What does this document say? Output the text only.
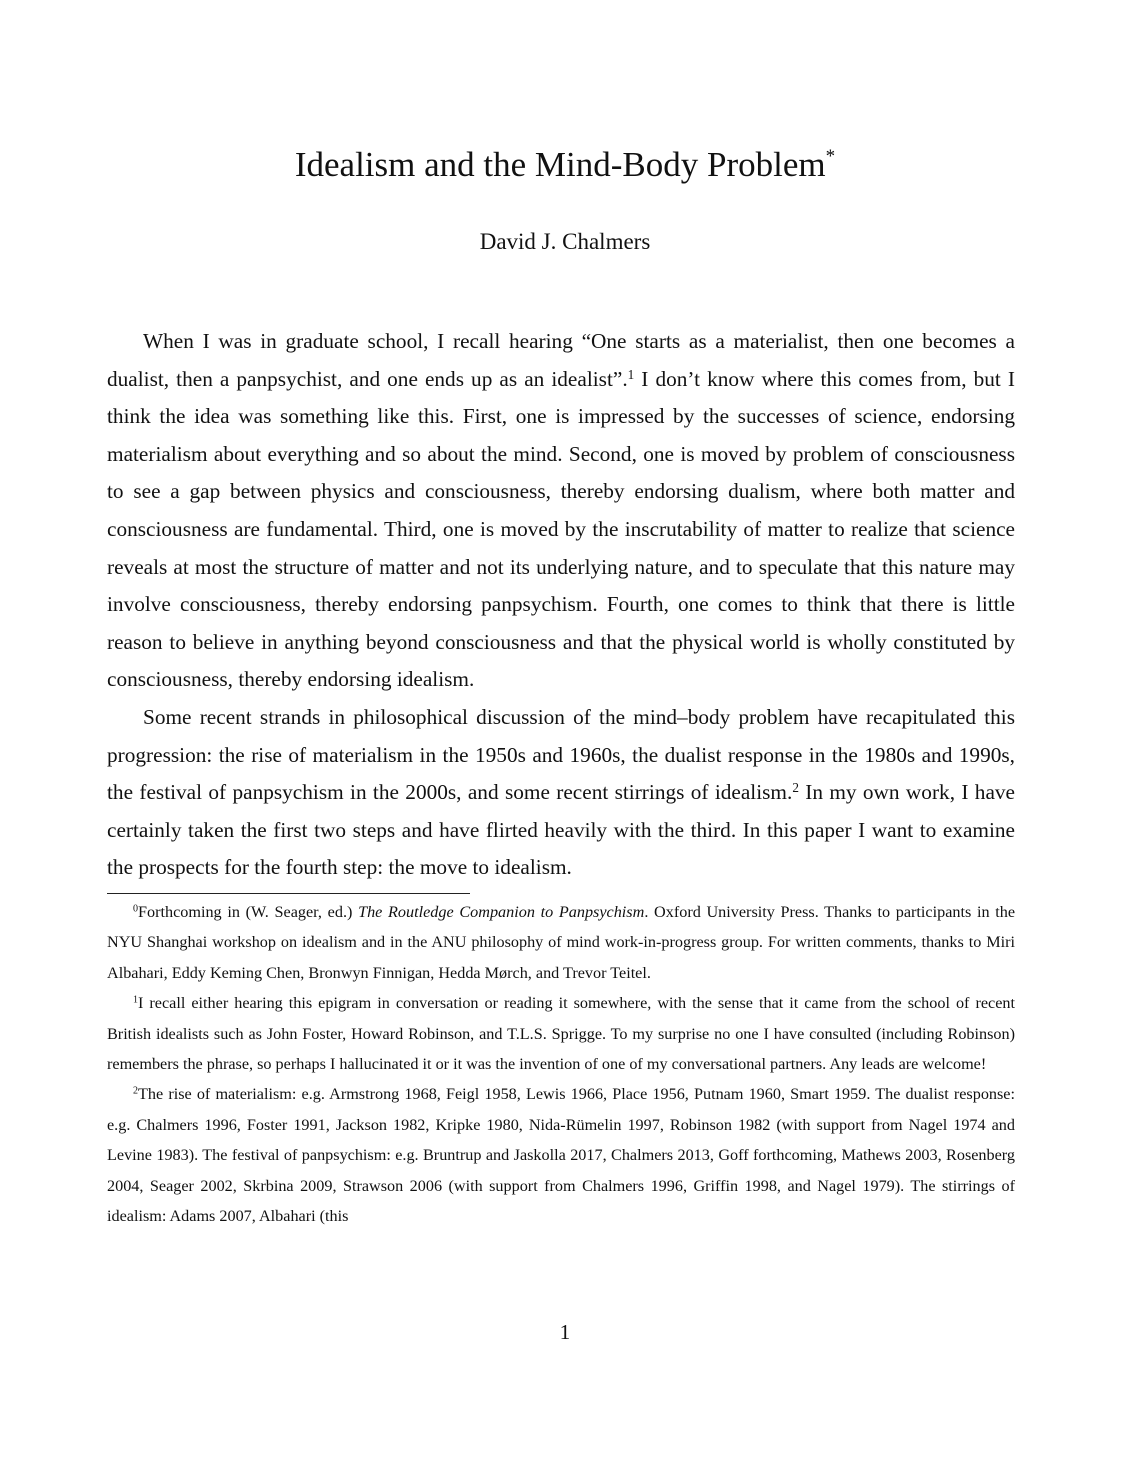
Idealism and the Mind-Body Problem*
David J. Chalmers

When I was in graduate school, I recall hearing “One starts as a materialist, then one becomes a dualist, then a panpsychist, and one ends up as an idealist”.$^1$ I don’t know where this comes from, but I think the idea was something like this. First, one is impressed by the successes of science, endorsing materialism about everything and so about the mind. Second, one is moved by problem of consciousness to see a gap between physics and consciousness, thereby endorsing dualism, where both matter and consciousness are fundamental. Third, one is moved by the inscrutability of matter to realize that science reveals at most the structure of matter and not its underlying nature, and to speculate that this nature may involve consciousness, thereby endorsing panpsychism. Fourth, one comes to think that there is little reason to believe in anything beyond consciousness and that the physical world is wholly constituted by consciousness, thereby endorsing idealism.

Some recent strands in philosophical discussion of the mind–body problem have recapitulated this progression: the rise of materialism in the 1950s and 1960s, the dualist response in the 1980s and 1990s, the festival of panpsychism in the 2000s, and some recent stirrings of idealism.$^2$ In my own work, I have certainly taken the first two steps and have flirted heavily with the third. In this paper I want to examine the prospects for the fourth step: the move to idealism.

$^0$Forthcoming in (W. Seager, ed.) The Routledge Companion to Panpsychism. Oxford University Press. Thanks to participants in the NYU Shanghai workshop on idealism and in the ANU philosophy of mind work-in-progress group. For written comments, thanks to Miri Albahari, Eddy Keming Chen, Bronwyn Finnigan, Hedda Mørch, and Trevor Teitel.

$^1$I recall either hearing this epigram in conversation or reading it somewhere, with the sense that it came from the school of recent British idealists such as John Foster, Howard Robinson, and T.L.S. Sprigge. To my surprise no one I have consulted (including Robinson) remembers the phrase, so perhaps I hallucinated it or it was the invention of one of my conversational partners. Any leads are welcome!

$^2$The rise of materialism: e.g. Armstrong 1968, Feigl 1958, Lewis 1966, Place 1956, Putnam 1960, Smart 1959. The dualist response: e.g. Chalmers 1996, Foster 1991, Jackson 1982, Kripke 1980, Nida-Rümelin 1997, Robinson 1982 (with support from Nagel 1974 and Levine 1983). The festival of panpsychism: e.g. Bruntrup and Jaskolla 2017, Chalmers 2013, Goff forthcoming, Mathews 2003, Rosenberg 2004, Seager 2002, Skrbina 2009, Strawson 2006 (with support from Chalmers 1996, Griffin 1998, and Nagel 1979). The stirrings of idealism: Adams 2007, Albahari (this

1
